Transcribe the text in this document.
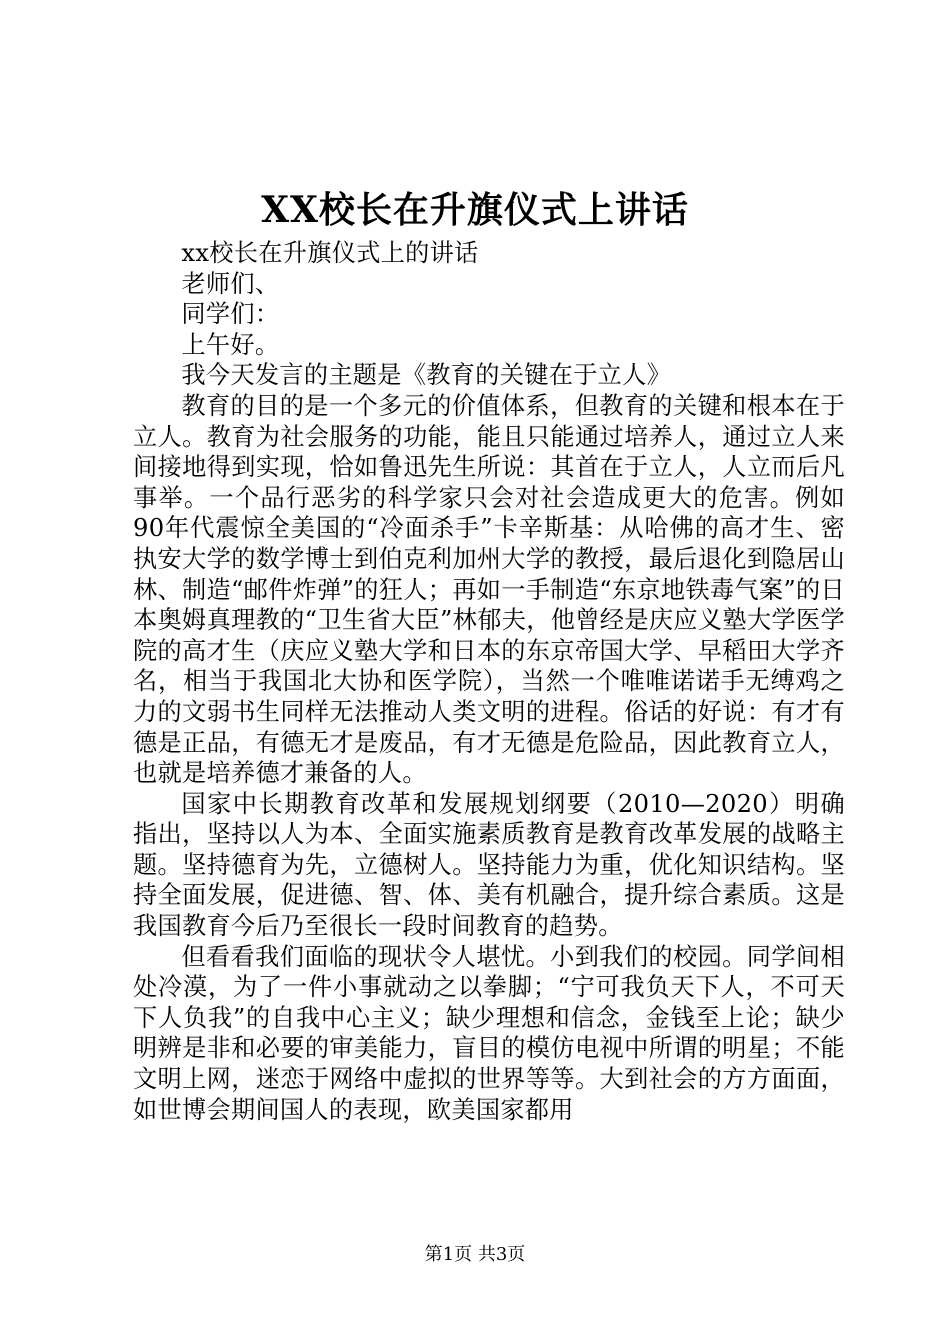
XX校长在升旗仪式上讲话

xx校长在升旗仪式上的讲话

老师们、

同学们：

上午好。

我今天发言的主题是《教育的关键在于立人》

教育的目的是一个多元的价值体系，但教育的关键和根本在于立人。教育为社会服务的功能，能且只能通过培养人，通过立人来间接地得到实现，恰如鲁迅先生所说：其首在于立人，人立而后凡事举。一个品行恶劣的科学家只会对社会造成更大的危害。例如90年代震惊全美国的“冷面杀手”卡辛斯基：从哈佛的高才生、密执安大学的数学博士到伯克利加州大学的教授，最后退化到隐居山林、制造“邮件炸弹”的狂人；再如一手制造“东京地铁毒气案”的日本奥姆真理教的“卫生省大臣”林郁夫，他曾经是庆应义塾大学医学院的高才生（庆应义塾大学和日本的东京帝国大学、早稻田大学齐名，相当于我国北大协和医学院），当然一个唯唯诺诺手无缚鸡之力的文弱书生同样无法推动人类文明的进程。俗话的好说：有才有德是正品，有德无才是废品，有才无德是危险品，因此教育立人，也就是培养德才兼备的人。

国家中长期教育改革和发展规划纲要（2010—2020）明确指出，坚持以人为本、全面实施素质教育是教育改革发展的战略主题。坚持德育为先，立德树人。坚持能力为重，优化知识结构。坚持全面发展，促进德、智、体、美有机融合，提升综合素质。这是我国教育今后乃至很长一段时间教育的趋势。

但看看我们面临的现状令人堪忧。小到我们的校园。同学间相处冷漠，为了一件小事就动之以拳脚；“宁可我负天下人，不可天下人负我”的自我中心主义；缺少理想和信念，金钱至上论；缺少明辨是非和必要的审美能力，盲目的模仿电视中所谓的明星；不能文明上网，迷恋于网络中虚拟的世界等等。大到社会的方方面面，如世博会期间国人的表现，欧美国家都用

第1页 共3页
